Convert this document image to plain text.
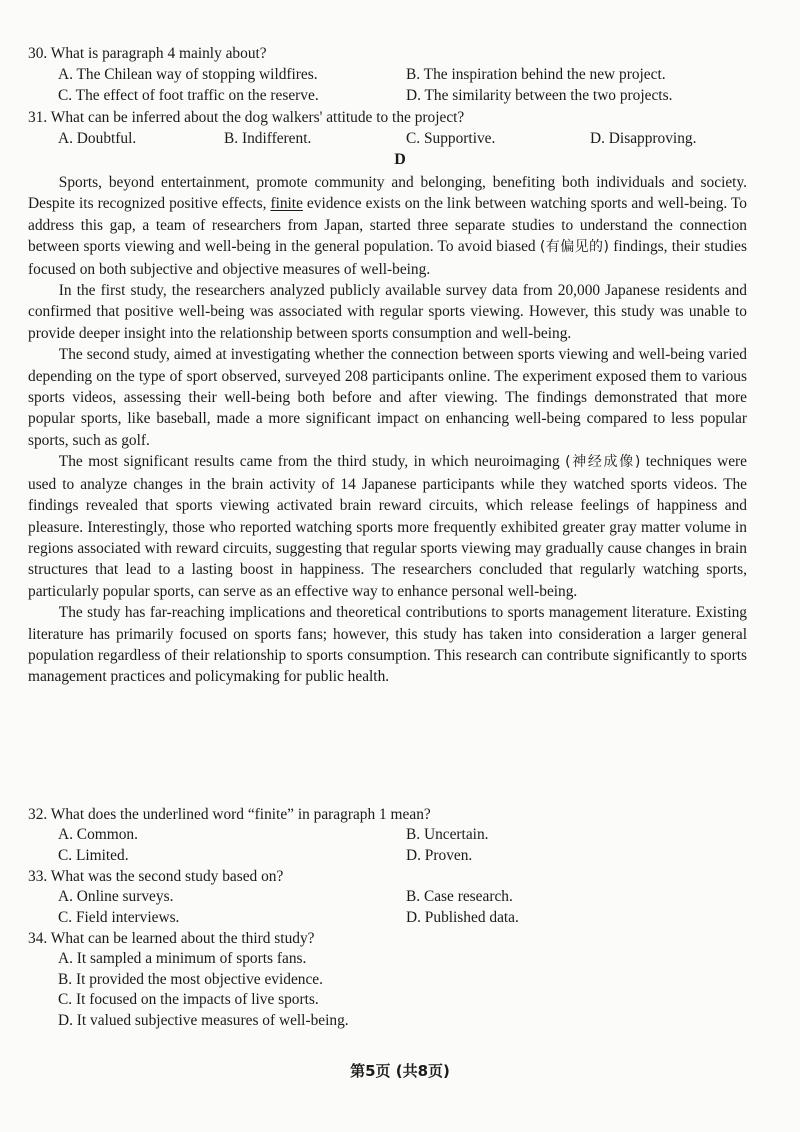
30. What is paragraph 4 mainly about?
A. The Chilean way of stopping wildfires.	B. The inspiration behind the new project.
C. The effect of foot traffic on the reserve.	D. The similarity between the two projects.
31. What can be inferred about the dog walkers' attitude to the project?
A. Doubtful.	B. Indifferent.	C. Supportive.	D. Disapproving.
D

Sports, beyond entertainment, promote community and belonging, benefiting both individuals and society. Despite its recognized positive effects, finite evidence exists on the link between watching sports and well-being. To address this gap, a team of researchers from Japan, started three separate studies to understand the connection between sports viewing and well-being in the general population. To avoid biased (有偏见的) findings, their studies focused on both subjective and objective measures of well-being.

In the first study, the researchers analyzed publicly available survey data from 20,000 Japanese residents and confirmed that positive well-being was associated with regular sports viewing. However, this study was unable to provide deeper insight into the relationship between sports consumption and well-being.

The second study, aimed at investigating whether the connection between sports viewing and well-being varied depending on the type of sport observed, surveyed 208 participants online. The experiment exposed them to various sports videos, assessing their well-being both before and after viewing. The findings demonstrated that more popular sports, like baseball, made a more significant impact on enhancing well-being compared to less popular sports, such as golf.

The most significant results came from the third study, in which neuroimaging (神经成像) techniques were used to analyze changes in the brain activity of 14 Japanese participants while they watched sports videos. The findings revealed that sports viewing activated brain reward circuits, which release feelings of happiness and pleasure. Interestingly, those who reported watching sports more frequently exhibited greater gray matter volume in regions associated with reward circuits, suggesting that regular sports viewing may gradually cause changes in brain structures that lead to a lasting boost in happiness. The researchers concluded that regularly watching sports, particularly popular sports, can serve as an effective way to enhance personal well-being.

The study has far-reaching implications and theoretical contributions to sports management literature. Existing literature has primarily focused on sports fans; however, this study has taken into consideration a larger general population regardless of their relationship to sports consumption. This research can contribute significantly to sports management practices and policymaking for public health.

32. What does the underlined word “finite” in paragraph 1 mean?
A. Common.	B. Uncertain.
C. Limited.	D. Proven.
33. What was the second study based on?
A. Online surveys.	B. Case research.
C. Field interviews.	D. Published data.
34. What can be learned about the third study?
A. It sampled a minimum of sports fans.
B. It provided the most objective evidence.
C. It focused on the impacts of live sports.
D. It valued subjective measures of well-being.
第5页 (共8页)
